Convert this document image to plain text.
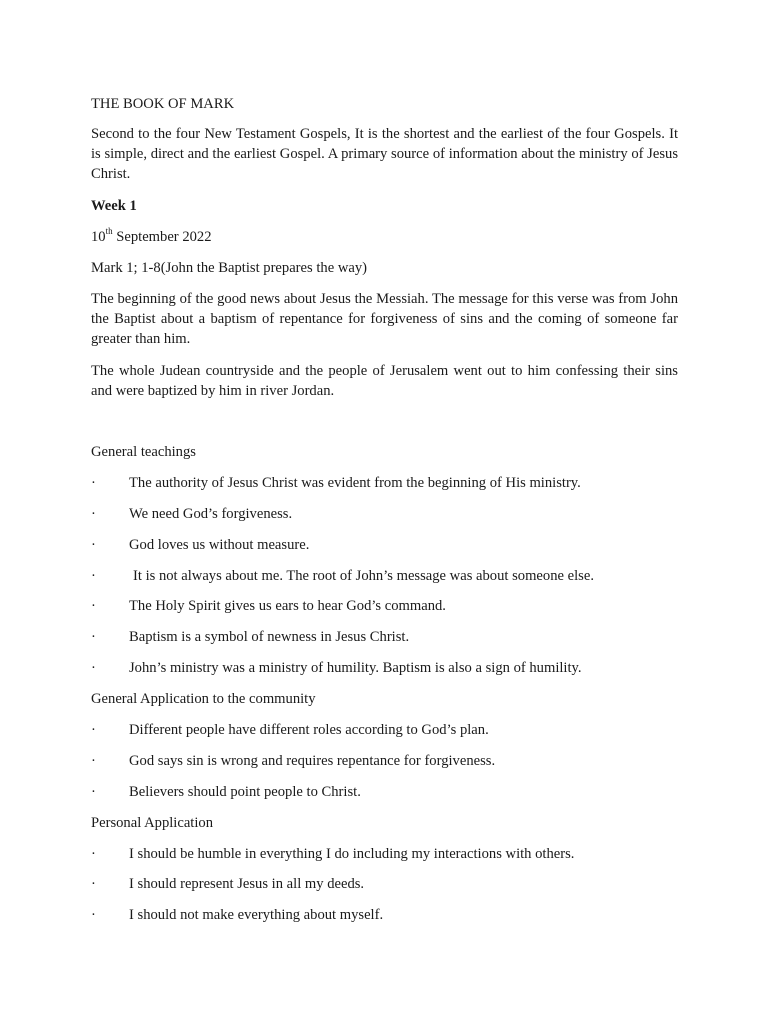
THE BOOK OF MARK

Second to the four New Testament Gospels, It is the shortest and the earliest of the four Gospels. It is simple, direct and the earliest Gospel. A primary source of information about the ministry of Jesus Christ.

Week 1

10th September 2022

Mark 1; 1-8(John the Baptist prepares the way)

The beginning of the good news about Jesus the Messiah. The message for this verse was from John the Baptist about a baptism of repentance for forgiveness of sins and the coming of someone far greater than him.

The whole Judean countryside and the people of Jerusalem went out to him confessing their sins and were baptized by him in river Jordan.

General teachings

·	The authority of Jesus Christ was evident from the beginning of His ministry.
·	We need God’s forgiveness.
·	God loves us without measure.
·	It is not always about me. The root of John’s message was about someone else.
·	The Holy Spirit gives us ears to hear God’s command.
·	Baptism is a symbol of newness in Jesus Christ.
·	John’s ministry was a ministry of humility. Baptism is also a sign of humility.

General Application to the community

·	Different people have different roles according to God’s plan.
·	God says sin is wrong and requires repentance for forgiveness.
·	Believers should point people to Christ.

Personal Application

·	I should be humble in everything I do including my interactions with others.
·	I should represent Jesus in all my deeds.
·	I should not make everything about myself.
